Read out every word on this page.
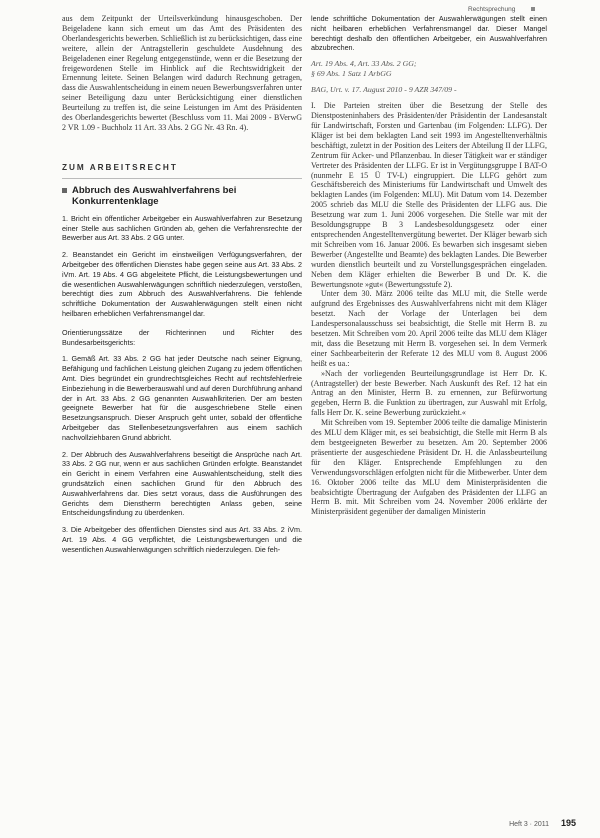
Rechtsprechung

aus dem Zeitpunkt der Urteilsverkündung hinausgeschoben. Der Beigeladene kann sich erneut um das Amt des Präsidenten des Oberlandesgerichts bewerben. Schließlich ist zu berücksichtigen, dass eine weitere, allein der Antragstellerin geschuldete Ausdehnung des Beigeladenen einer Regelung entgegenstünde, wenn er die Besetzung der freigewordenen Stelle im Hinblick auf die Rechtswidrigkeit der Ernennung leitete. Seinen Belangen wird dadurch Rechnung getragen, dass die Auswahlentscheidung in einem neuen Bewerbungsverfahren unter seiner Beteiligung dazu unter Berücksichtigung einer dienstlichen Beurteilung zu treffen ist, die seine Leistungen im Amt des Präsidenten des Oberlandesgerichts bewertet (Beschluss vom 11. Mai 2009 - BVerwG 2 VR 1.09 - Buchholz 11 Art. 33 Abs. 2 GG Nr. 43 Rn. 4).

ZUM ARBEITSRECHT
Abbruch des Auswahlverfahrens bei Konkurrentenklage

1. Bricht ein öffentlicher Arbeitgeber ein Auswahlverfahren zur Besetzung einer Stelle aus sachlichen Gründen ab, gehen die Verfahrensrechte der Bewerber aus Art. 33 Abs. 2 GG unter.

2. Beanstandet ein Gericht im einstweiligen Verfügungsverfahren, der Arbeitgeber des öffentlichen Dienstes habe gegen seine aus Art. 33 Abs. 2 iVm. Art. 19 Abs. 4 GG abgeleitete Pflicht, die Leistungsbewertungen und die wesentlichen Auswahlerwägungen schriftlich niederzulegen, verstoßen, berechtigt dies zum Abbruch des Auswahlverfahrens. Die fehlende schriftliche Dokumentation der Auswahlerwägungen stellt einen nicht heilbaren erheblichen Verfahrensmangel dar.

Orientierungssätze der Richterinnen und Richter des Bundesarbeitsgerichts:

1. Gemäß Art. 33 Abs. 2 GG hat jeder Deutsche nach seiner Eignung, Befähigung und fachlichen Leistung gleichen Zugang zu jedem öffentlichen Amt. Dies begründet ein grundrechtsgleiches Recht auf rechtsfehlerfreie Einbeziehung in die Bewerberauswahl und auf deren Durchführung anhand der in Art. 33 Abs. 2 GG genannten Auswahlkriterien. Der am besten geeignete Bewerber hat für die ausgeschriebene Stelle einen Besetzungsanspruch. Dieser Anspruch geht unter, sobald der öffentliche Arbeitgeber das Stellenbesetzungsverfahren aus einem sachlich nachvollziehbaren Grund abbricht.

2. Der Abbruch des Auswahlverfahrens beseitigt die Ansprüche nach Art. 33 Abs. 2 GG nur, wenn er aus sachlichen Gründen erfolgte. Beanstandet ein Gericht in einem Verfahren eine Auswahlentscheidung, stellt dies grundsätzlich einen sachlichen Grund für den Abbruch des Auswahlverfahrens dar. Dies setzt voraus, dass die Ausführungen des Gerichts dem Dienstherrn berechtigten Anlass geben, seine Entscheidungsfindung zu überdenken.

3. Die Arbeitgeber des öffentlichen Dienstes sind aus Art. 33 Abs. 2 iVm. Art. 19 Abs. 4 GG verpflichtet, die Leistungsbewertungen und die wesentlichen Auswahlerwägungen schriftlich niederzulegen. Die feh-

lende schriftliche Dokumentation der Auswahlerwägungen stellt einen nicht heilbaren erheblichen Verfahrensmangel dar. Dieser Mangel berechtigt deshalb den öffentlichen Arbeitgeber, ein Auswahlverfahren abzubrechen.

Art. 19 Abs. 4, Art. 33 Abs. 2 GG;

§ 69 Abs. 1 Satz 1 ArbGG

BAG, Urt. v. 17. August 2010 - 9 AZR 347/09 -

I. Die Parteien streiten über die Besetzung der Stelle des Dienstposteninhabers des Präsidenten/der Präsidentin der Landesanstalt für Landwirtschaft, Forsten und Gartenbau (im Folgenden: LLFG). Der Kläger ist bei dem beklagten Land seit 1993 im Angestelltenverhältnis beschäftigt, zuletzt in der Position des Leiters der Abteilung II der LLFG, Zentrum für Acker- und Pflanzenbau. In dieser Tätigkeit war er ständiger Vertreter des Präsidenten der LLFG. Er ist in Vergütungsgruppe I BAT-O (nunmehr E 15 Ü TV-L) eingruppiert. Die LLFG gehört zum Geschäftsbereich des Ministeriums für Landwirtschaft und Umwelt des beklagten Landes (im Folgenden: MLU). Mit Datum vom 14. Dezember 2005 schrieb das MLU die Stelle des Präsidenten der LLFG aus. Die Besetzung war zum 1. Juni 2006 vorgesehen. Die Stelle war mit der Besoldungsgruppe B 3 Landesbesoldungsgesetz oder einer entsprechenden Angestelltenvergütung bewertet. Der Kläger bewarb sich mit Schreiben vom 16. Januar 2006. Es bewarben sich insgesamt sieben Bewerber (Angestellte und Beamte) des beklagten Landes. Die Bewerber wurden dienstlich beurteilt und zu Vorstellungsgesprächen eingeladen. Neben dem Kläger erhielten die Bewerber B und Dr. K. die Bewertungsnote »gut« (Bewertungsstufe 2).

Unter dem 30. März 2006 teilte das MLU mit, die Stelle werde aufgrund des Ergebnisses des Auswahlverfahrens nicht mit dem Kläger besetzt. Nach der Vorlage der Unterlagen bei dem Landespersonalausschuss sei beabsichtigt, die Stelle mit Herrn B. zu besetzen. Mit Schreiben vom 20. April 2006 teilte das MLU dem Kläger mit, dass die Besetzung mit Herrn B. vorgesehen sei. In dem Vermerk einer Sachbearbeiterin der Referate 12 des MLU vom 8. August 2006 heißt es ua.:

»Nach der vorliegenden Beurteilungsgrundlage ist Herr Dr. K. (Antragsteller) der beste Bewerber. Nach Auskunft des Ref. 12 hat ein Antrag an den Minister, Herrn B. zu ernennen, zur Befürwortung gegeben, Herrn B. die Funktion zu übertragen, zur Auswahl mit Erfolg, falls Herr Dr. K. seine Bewerbung zurückzieht.«

Mit Schreiben vom 19. September 2006 teilte die damalige Ministerin des MLU dem Kläger mit, es sei beabsichtigt, die Stelle mit Herrn B als dem bestgeeigneten Bewerber zu besetzen. Am 20. September 2006 präsentierte der ausgeschiedene Präsident Dr. H. die Anlassbeurteilung für den Kläger. Entsprechende Empfehlungen zu den Verwendungsvorschlägen erfolgten nicht für die Mitbewerber. Unter dem 16. Oktober 2006 teilte das MLU dem Ministerpräsidenten die beabsichtigte Übertragung der Aufgaben des Präsidenten der LLFG an Herrn B. mit. Mit Schreiben vom 24. November 2006 erklärte der Ministerpräsident gegenüber der damaligen Ministerin

Heft 3 · 2011 195
